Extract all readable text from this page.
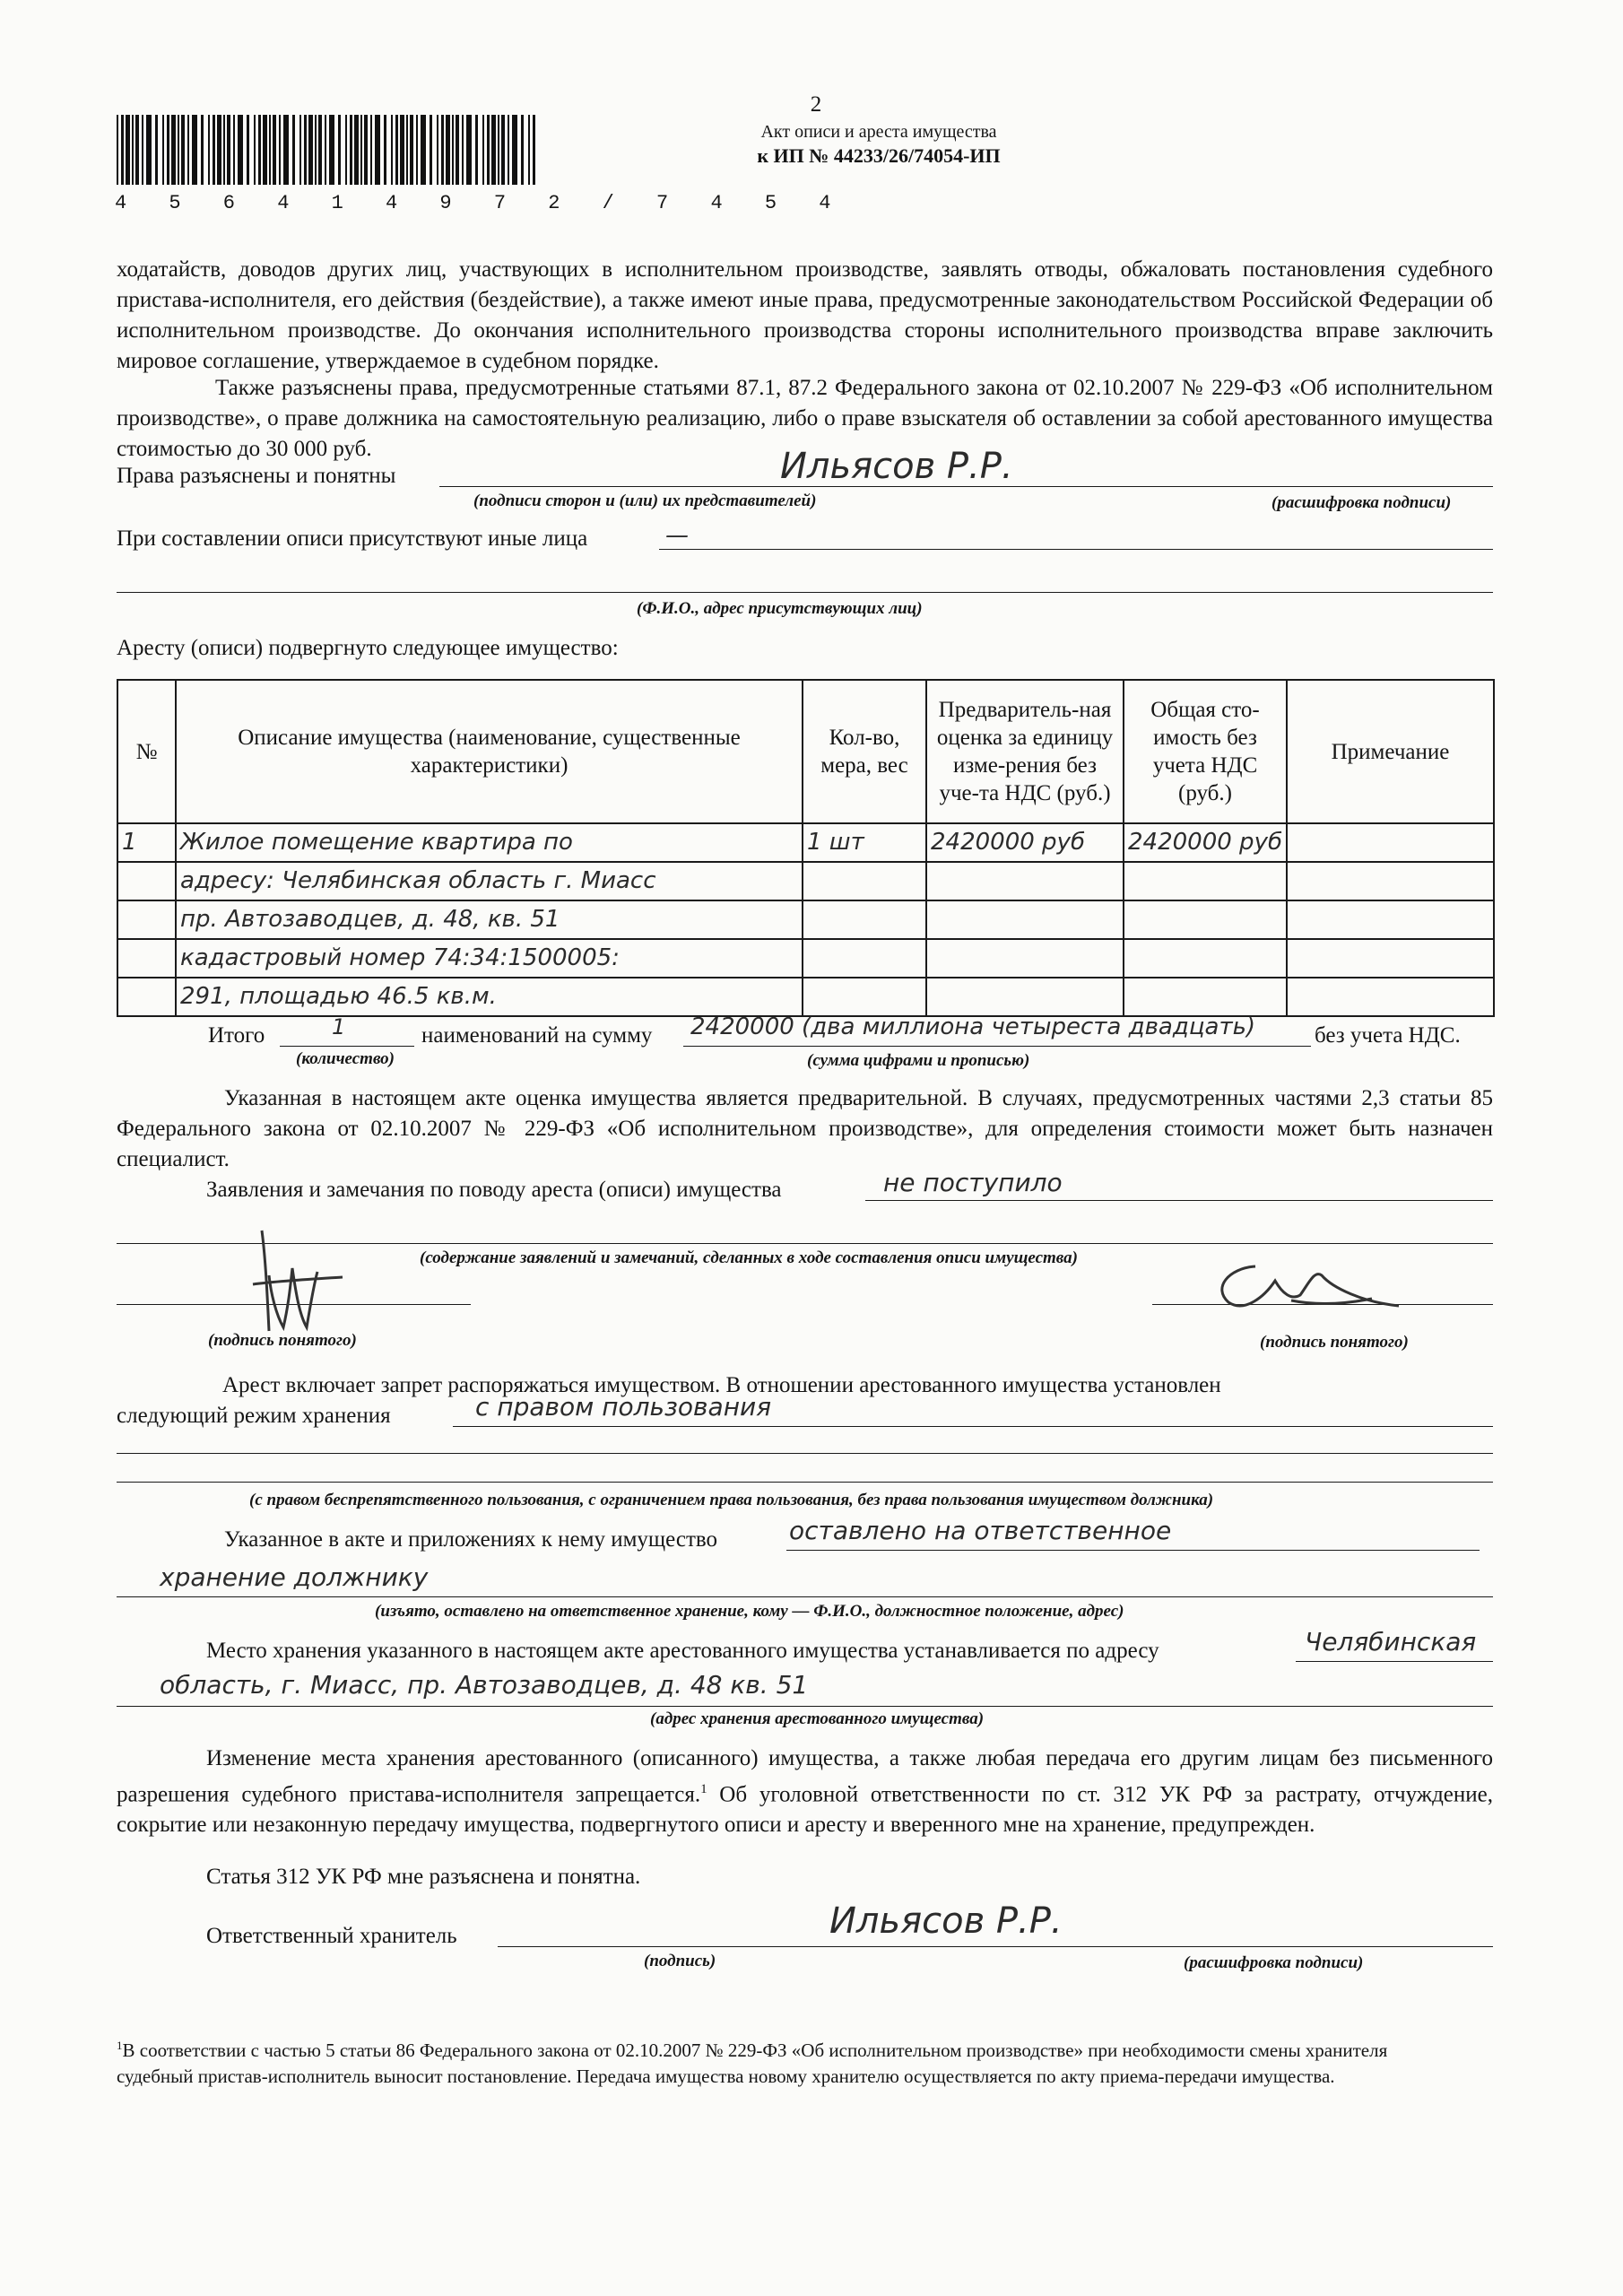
4 5 6 4 1 4 9 7 2 / 7 4 5 4
2
Акт описи и ареста имущества
к ИП № 44233/26/74054-ИП
ходатайств, доводов других лиц, участвующих в исполнительном производстве, заявлять отводы, обжаловать постановления судебного пристава-исполнителя, его действия (бездействие), а также имеют иные права, предусмотренные законодательством Российской Федерации об исполнительном производстве. До окончания исполнительного производства стороны исполнительного производства вправе заключить мировое соглашение, утверждаемое в судебном порядке.
Также разъяснены права, предусмотренные статьями 87.1, 87.2 Федерального закона от 02.10.2007 № 229-ФЗ «Об исполнительном производстве», о праве должника на самостоятельную реализацию, либо о праве взыскателя об оставлении за собой арестованного имущества стоимостью до 30 000 руб.
Права разъяснены и понятны	Ильясов Р.Р.
(подписи сторон и (или) их представителей)	(расшифровка подписи)
При составлении описи присутствуют иные лица	—
(Ф.И.О., адрес присутствующих лиц)
Аресту (описи) подвергнуто следующее имущество:
№	Описание имущества (наименование, существенные характеристики)	Кол-во, мера, вес	Предваритель-ная оценка за единицу изме-рения без уче-та НДС (руб.)	Общая сто-имость без учета НДС (руб.)	Примечание
1	Жилое помещение квартира по	1 шт	2420000 руб	2420000 руб	
	адресу: Челябинская область г. Миасс				
	пр. Автозаводцев, д. 48, кв. 51				
	кадастровый номер 74:34:1500005:				
	291, площадью 46.5 кв.м.				
Итого	1	наименований на сумму 2420000 (два миллиона четыреста двадцать)	без учета НДС.
(количество)	(сумма цифрами и прописью)
Указанная в настоящем акте оценка имущества является предварительной. В случаях, предусмотренных частями 2,3 статьи 85 Федерального закона от 02.10.2007 № 229-ФЗ «Об исполнительном производстве», для определения стоимости может быть назначен специалист.
Заявления и замечания по поводу ареста (описи) имущества	не поступило
(содержание заявлений и замечаний, сделанных в ходе составления описи имущества)
(подпись понятого)	(подпись понятого)
Арест включает запрет распоряжаться имуществом. В отношении арестованного имущества установлен
следующий режим хранения	с правом пользования
(с правом беспрепятственного пользования, с ограничением права пользования, без права пользования имуществом должника)
Указанное в акте и приложениях к нему имущество	оставлено на ответственное
хранение должнику
(изъято, оставлено на ответственное хранение, кому — Ф.И.О., должностное положение, адрес)
Место хранения указанного в настоящем акте арестованного имущества устанавливается по адресу	Челябинская
область, г. Миасс, пр. Автозаводцев, д. 48 кв. 51
(адрес хранения арестованного имущества)
Изменение места хранения арестованного (описанного) имущества, а также любая передача его другим лицам без письменного разрешения судебного пристава-исполнителя запрещается.$^1$ Об уголовной ответственности по ст. 312 УК РФ за растрату, отчуждение, сокрытие или незаконную передачу имущества, подвергнутого описи и аресту и вверенного мне на хранение, предупрежден.
Статья 312 УК РФ мне разъяснена и понятна.
Ответственный хранитель	Ильясов Р.Р.
(подпись)	(расшифровка подписи)
$^1$В соответствии с частью 5 статьи 86 Федерального закона от 02.10.2007 № 229-ФЗ «Об исполнительном производстве» при необходимости смены хранителя судебный пристав-исполнитель выносит постановление. Передача имущества новому хранителю осуществляется по акту приема-передачи имущества.
